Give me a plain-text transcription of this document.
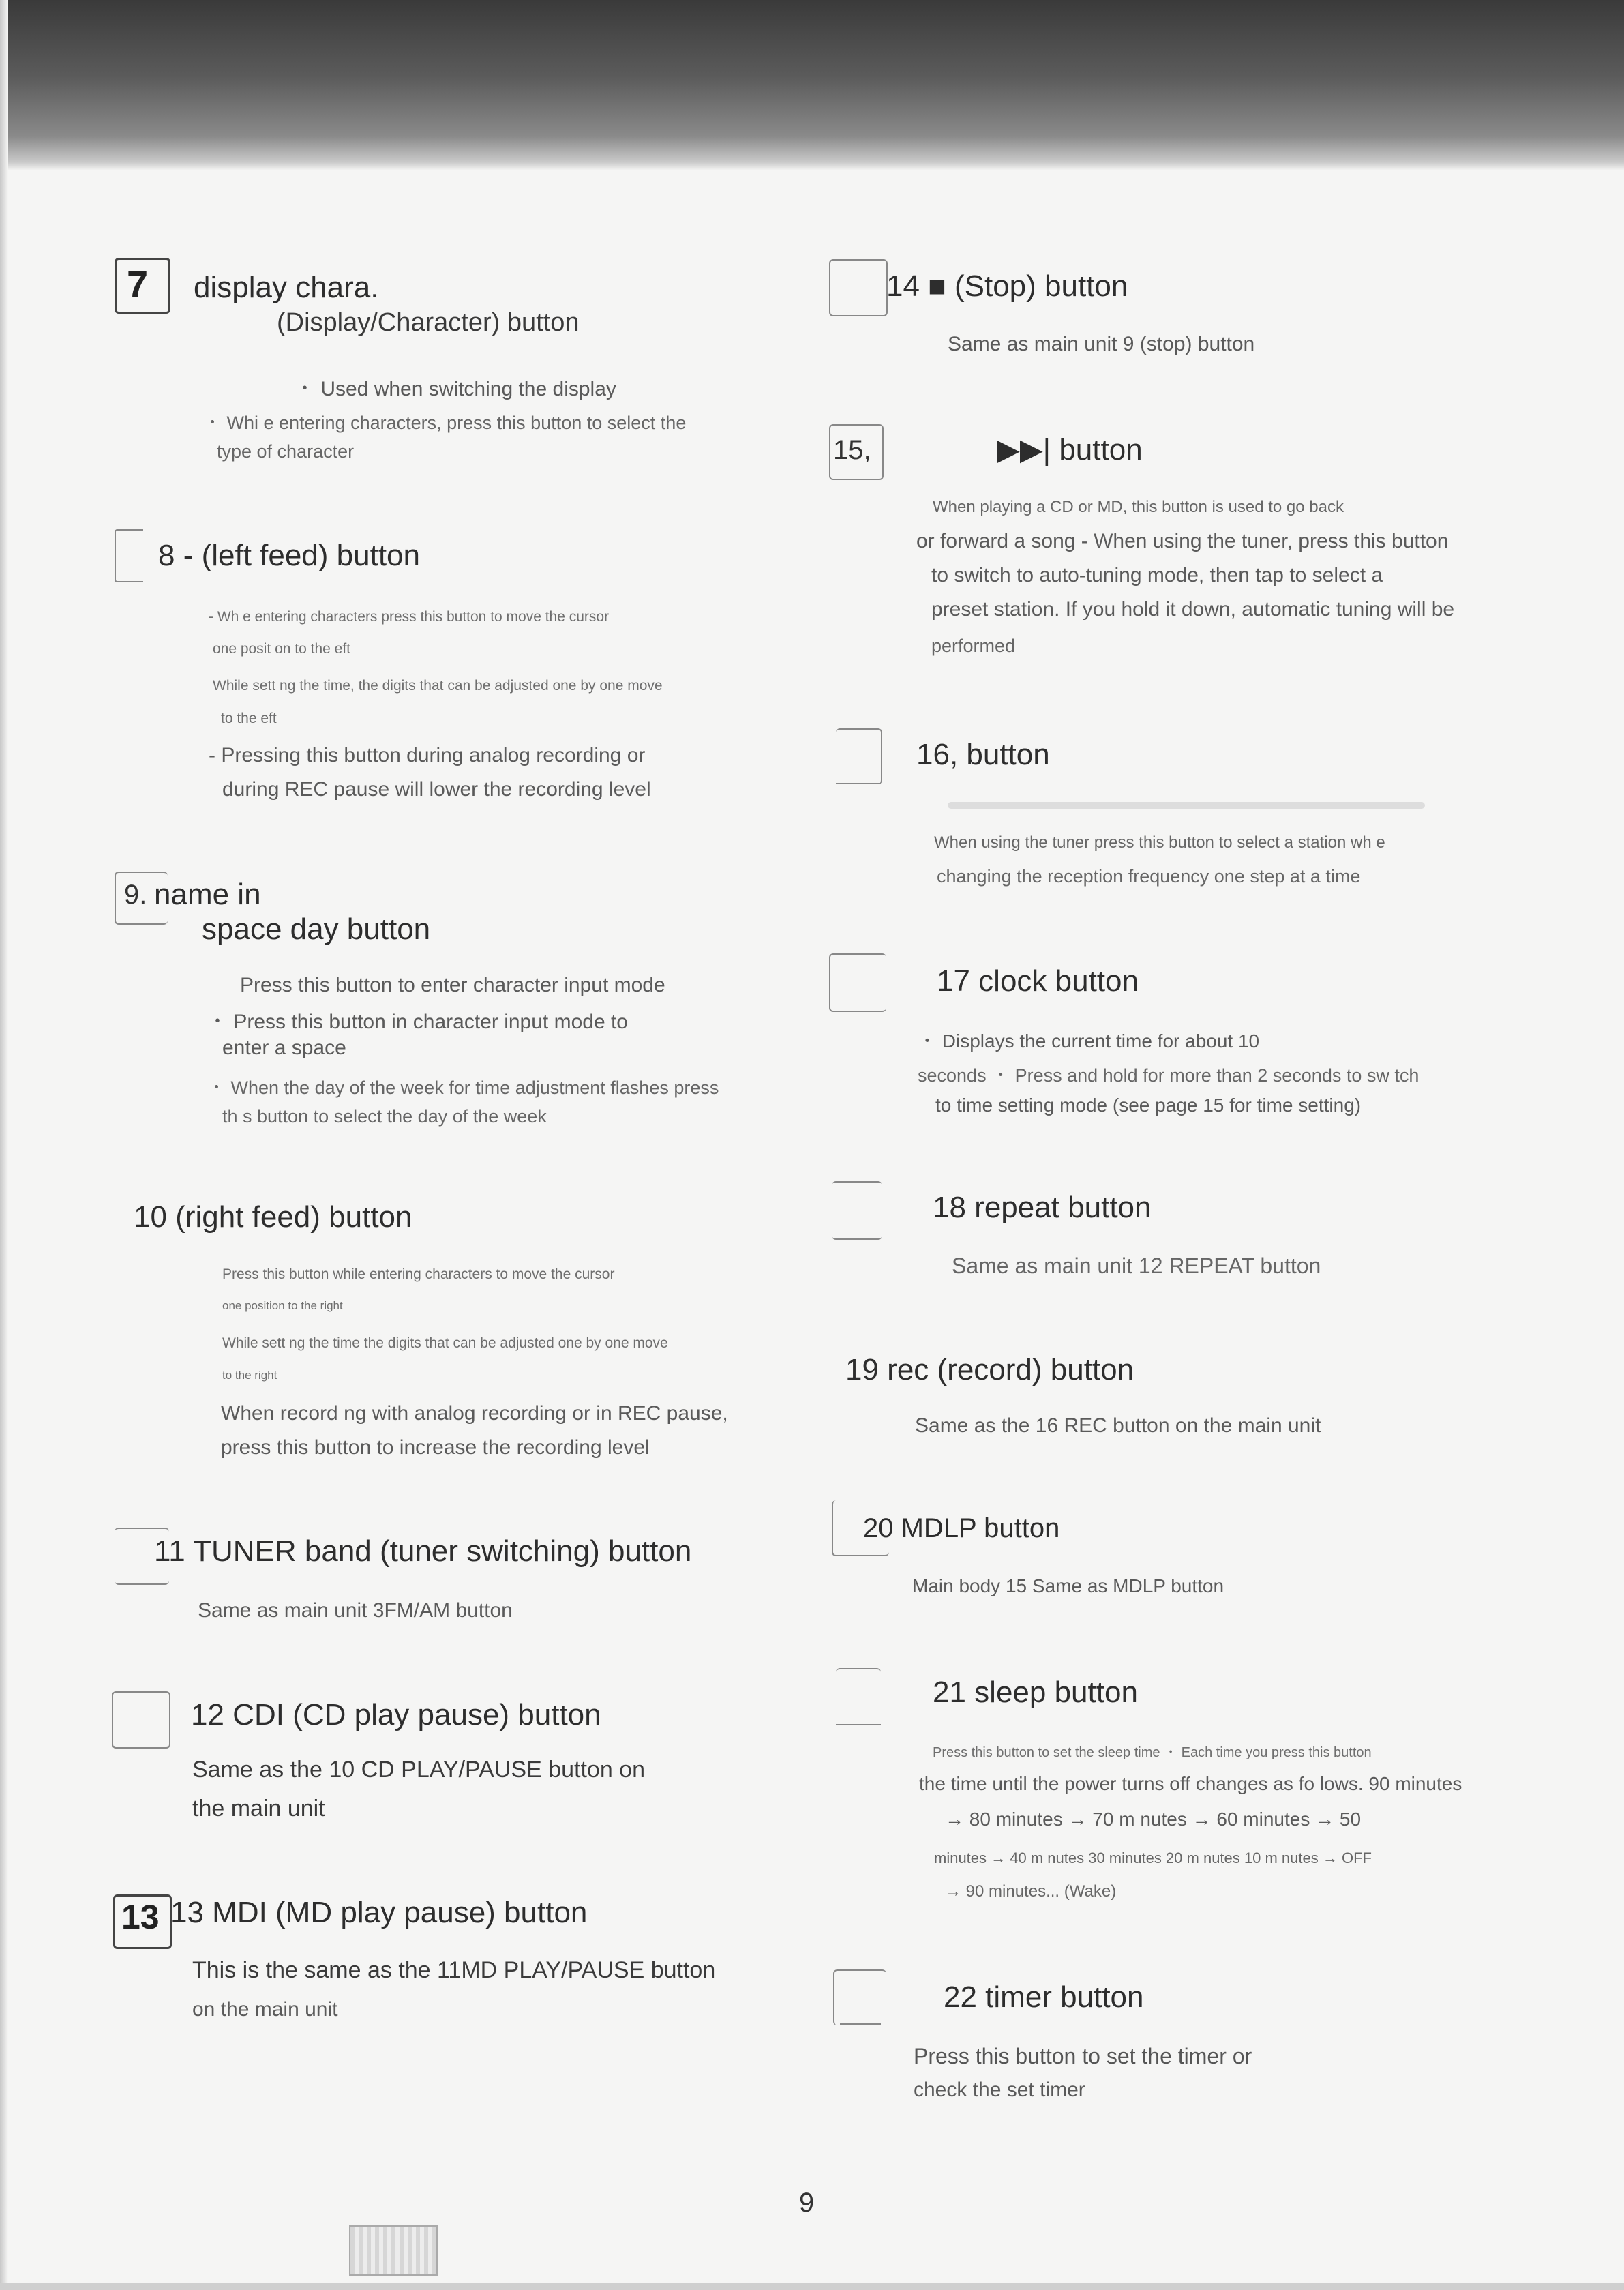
7 display chara.
(Display/Character) button
・ Used when switching the display
・ Whi e entering characters, press this button to select the
type of character
8 - (left feed) button
- Wh e entering characters press this button to move the cursor
one posit on to the eft
While sett ng the time, the digits that can be adjusted one by one move
to the eft
- Pressing this button during analog recording or
during REC pause will lower the recording level
9. name in
space day button
Press this button to enter character input mode
・ Press this button in character input mode to
enter a space
・ When the day of the week for time adjustment flashes press
th s button to select the day of the week
10 (right feed) button
Press this button while entering characters to move the cursor
one position to the right
While sett ng the time the digits that can be adjusted one by one move
to the right
When record ng with analog recording or in REC pause,
press this button to increase the recording level
11 TUNER band (tuner switching) button
Same as main unit 3FM/AM button
12 CDI (CD play pause) button
Same as the 10 CD PLAY/PAUSE button on
the main unit
13 13 MDI (MD play pause) button
This is the same as the 11MD PLAY/PAUSE button
on the main unit
14 ■ (Stop) button
Same as main unit 9 (stop) button
15,	▶▶| button
When playing a CD or MD, this button is used to go back
or forward a song - When using the tuner, press this button
to switch to auto-tuning mode, then tap to select a
preset station. If you hold it down, automatic tuning will be
performed
16, button
When using the tuner press this button to select a station wh e
changing the reception frequency one step at a time
17 clock button
・ Displays the current time for about 10
seconds ・ Press and hold for more than 2 seconds to sw tch
to time setting mode (see page 15 for time setting)
18 repeat button
Same as main unit 12 REPEAT button
19 rec (record) button
Same as the 16 REC button on the main unit
20 MDLP button
Main body 15 Same as MDLP button
21 sleep button
Press this button to set the sleep time ・ Each time you press this button
the time until the power turns off changes as fo lows. 90 minutes
→ 80 minutes → 70 m nutes → 60 minutes → 50
minutes → 40 m nutes 30 minutes 20 m nutes 10 m nutes → OFF
→ 90 minutes... (Wake)
22 timer button
Press this button to set the timer or
check the set timer
9
